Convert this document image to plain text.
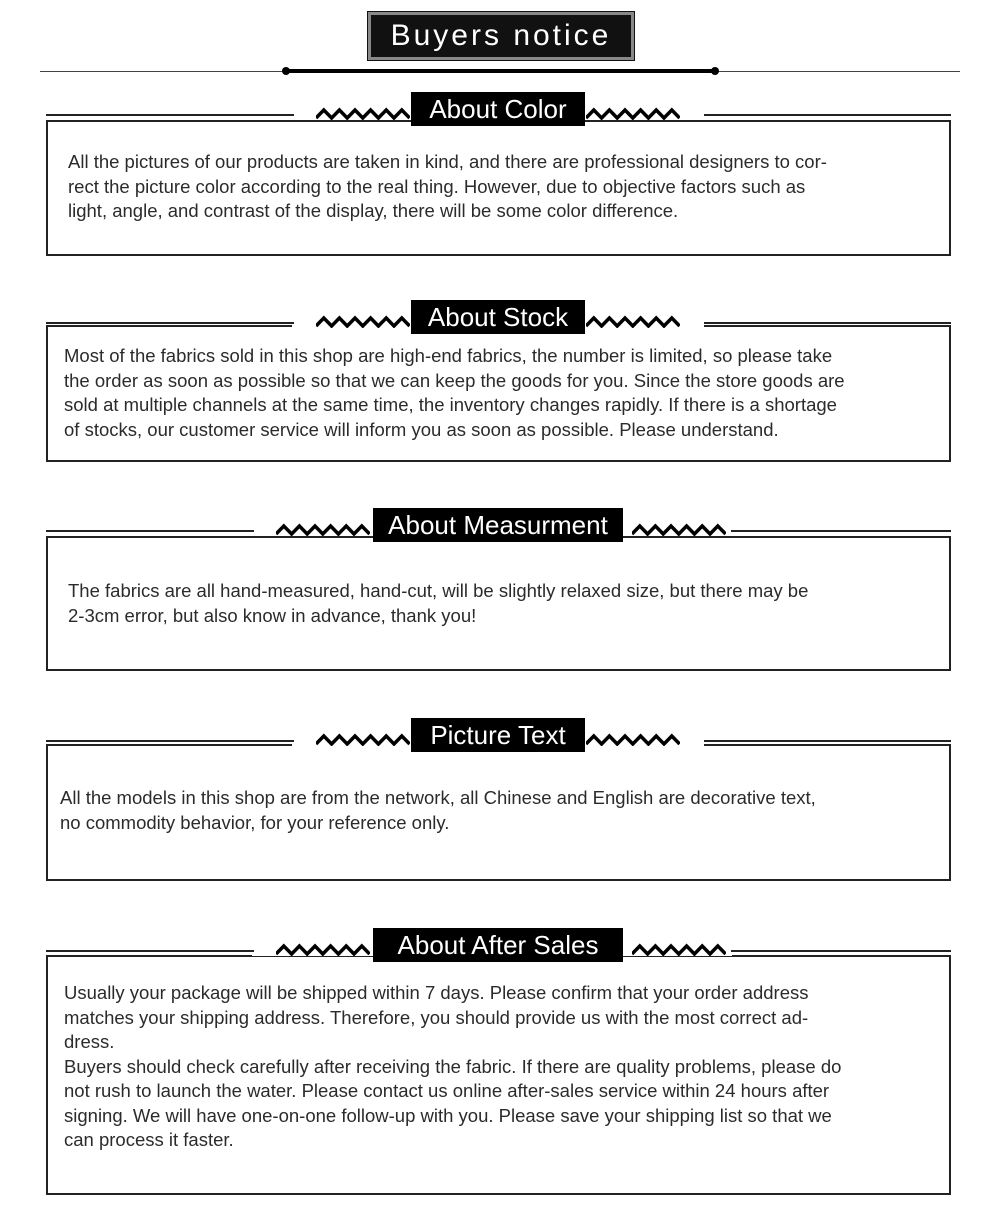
Buyers notice

All the pictures of our products are taken in kind, and there are professional designers to cor-
rect the picture color according to the real thing. However, due to objective factors such as
light, angle, and contrast of the display, there will be some color difference.

About Color

Most of the fabrics sold in this shop are high-end fabrics, the number is limited, so please take
the order as soon as possible so that we can keep the goods for you. Since the store goods are
sold at multiple channels at the same time, the inventory changes rapidly. If there is a shortage
of stocks, our customer service will inform you as soon as possible. Please understand.

About Stock

The fabrics are all hand-measured, hand-cut, will be slightly relaxed size, but there may be
2-3cm error, but also know in advance, thank you!

About Measurment

All the models in this shop are from the network, all Chinese and English are decorative text,
no commodity behavior, for your reference only.

Picture Text

Usually your package will be shipped within 7 days. Please confirm that your order address
matches your shipping address. Therefore, you should provide us with the most correct ad-
dress.
Buyers should check carefully after receiving the fabric. If there are quality problems, please do
not rush to launch the water. Please contact us online after-sales service within 24 hours after
signing. We will have one-on-one follow-up with you. Please save your shipping list so that we
can process it faster.

About After Sales
